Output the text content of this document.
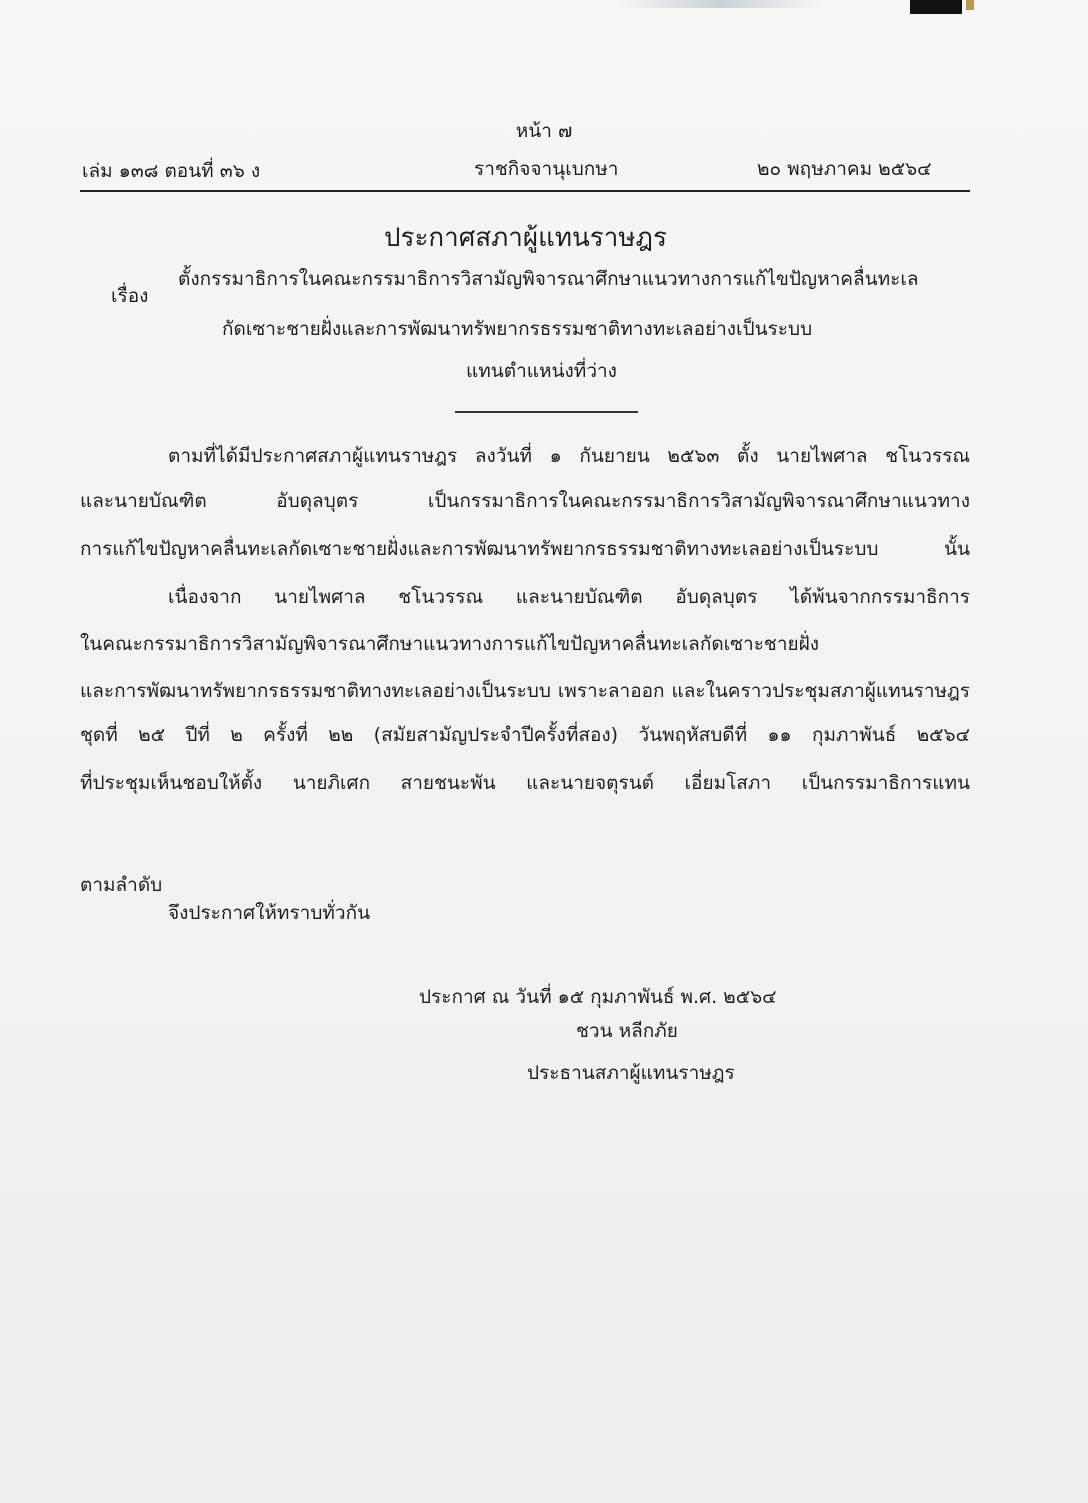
หน้า ๗
เล่ม ๑๓๘ ตอนที่ ๓๖ ง	ราชกิจจานุเบกษา	๒๐ พฤษภาคม ๒๕๖๔
ประกาศสภาผู้แทนราษฎร
เรื่อง
ตั้งกรรมาธิการในคณะกรรมาธิการวิสามัญพิจารณาศึกษาแนวทางการแก้ไขปัญหาคลื่นทะเล
กัดเซาะชายฝั่งและการพัฒนาทรัพยากรธรรมชาติทางทะเลอย่างเป็นระบบ
แทนตำแหน่งที่ว่าง
ตามที่ได้มีประกาศสภาผู้แทนราษฎร ลงวันที่ ๑ กันยายน ๒๕๖๓ ตั้ง นายไพศาล ชโนวรรณ
และนายบัณฑิต อับดุลบุตร เป็นกรรมาธิการในคณะกรรมาธิการวิสามัญพิจารณาศึกษาแนวทาง
การแก้ไขปัญหาคลื่นทะเลกัดเซาะชายฝั่งและการพัฒนาทรัพยากรธรรมชาติทางทะเลอย่างเป็นระบบ นั้น
เนื่องจาก นายไพศาล ชโนวรรณ และนายบัณฑิต อับดุลบุตร ได้พ้นจากกรรมาธิการ
ในคณะกรรมาธิการวิสามัญพิจารณาศึกษาแนวทางการแก้ไขปัญหาคลื่นทะเลกัดเซาะชายฝั่ง
และการพัฒนาทรัพยากรธรรมชาติทางทะเลอย่างเป็นระบบ เพราะลาออก และในคราวประชุมสภาผู้แทนราษฎร
ชุดที่ ๒๕ ปีที่ ๒ ครั้งที่ ๒๒ (สมัยสามัญประจำปีครั้งที่สอง) วันพฤหัสบดีที่ ๑๑ กุมภาพันธ์ ๒๕๖๔
ที่ประชุมเห็นชอบให้ตั้ง นายภิเศก สายชนะพัน และนายจตุรนต์ เอี่ยมโสภา เป็นกรรมาธิการแทน
ตามลำดับ
จึงประกาศให้ทราบทั่วกัน
ประกาศ ณ วันที่ ๑๕ กุมภาพันธ์ พ.ศ. ๒๕๖๔
ชวน หลีกภัย
ประธานสภาผู้แทนราษฎร
